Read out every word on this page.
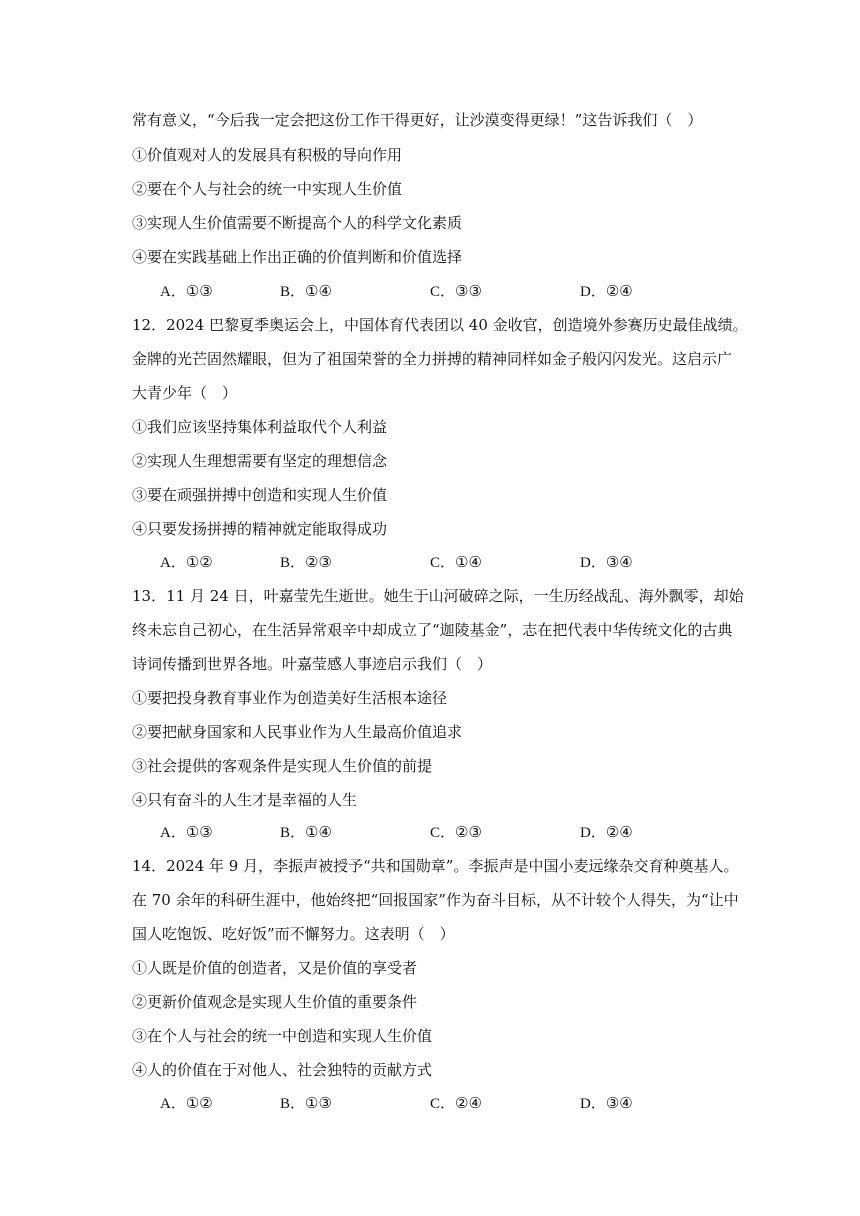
常有意义，“今后我一定会把这份工作干得更好，让沙漠变得更绿！”这告诉我们（　）
①价值观对人的发展具有积极的导向作用
②要在个人与社会的统一中实现人生价值
③实现人生价值需要不断提高个人的科学文化素质
④要在实践基础上作出正确的价值判断和价值选择
A．①③	B．①④	C．③③	D．②④
12．2024 巴黎夏季奥运会上，中国体育代表团以 40 金收官，创造境外参赛历史最佳战绩。
金牌的光芒固然耀眼，但为了祖国荣誉的全力拼搏的精神同样如金子般闪闪发光。这启示广
大青少年（　）
①我们应该坚持集体利益取代个人利益
②实现人生理想需要有坚定的理想信念
③要在顽强拼搏中创造和实现人生价值
④只要发扬拼搏的精神就定能取得成功
A．①②	B．②③	C．①④	D．③④
13．11 月 24 日，叶嘉莹先生逝世。她生于山河破碎之际，一生历经战乱、海外飘零，却始
终未忘自己初心，在生活异常艰辛中却成立了“迦陵基金”，志在把代表中华传统文化的古典
诗词传播到世界各地。叶嘉莹感人事迹启示我们（　）
①要把投身教育事业作为创造美好生活根本途径
②要把献身国家和人民事业作为人生最高价值追求
③社会提供的客观条件是实现人生价值的前提
④只有奋斗的人生才是幸福的人生
A．①③	B．①④	C．②③	D．②④
14．2024 年 9 月，李振声被授予“共和国勋章”。李振声是中国小麦远缘杂交育种奠基人。
在 70 余年的科研生涯中，他始终把“回报国家”作为奋斗目标，从不计较个人得失，为“让中
国人吃饱饭、吃好饭”而不懈努力。这表明（　）
①人既是价值的创造者，又是价值的享受者
②更新价值观念是实现人生价值的重要条件
③在个人与社会的统一中创造和实现人生价值
④人的价值在于对他人、社会独特的贡献方式
A．①②	B．①③	C．②④	D．③④
